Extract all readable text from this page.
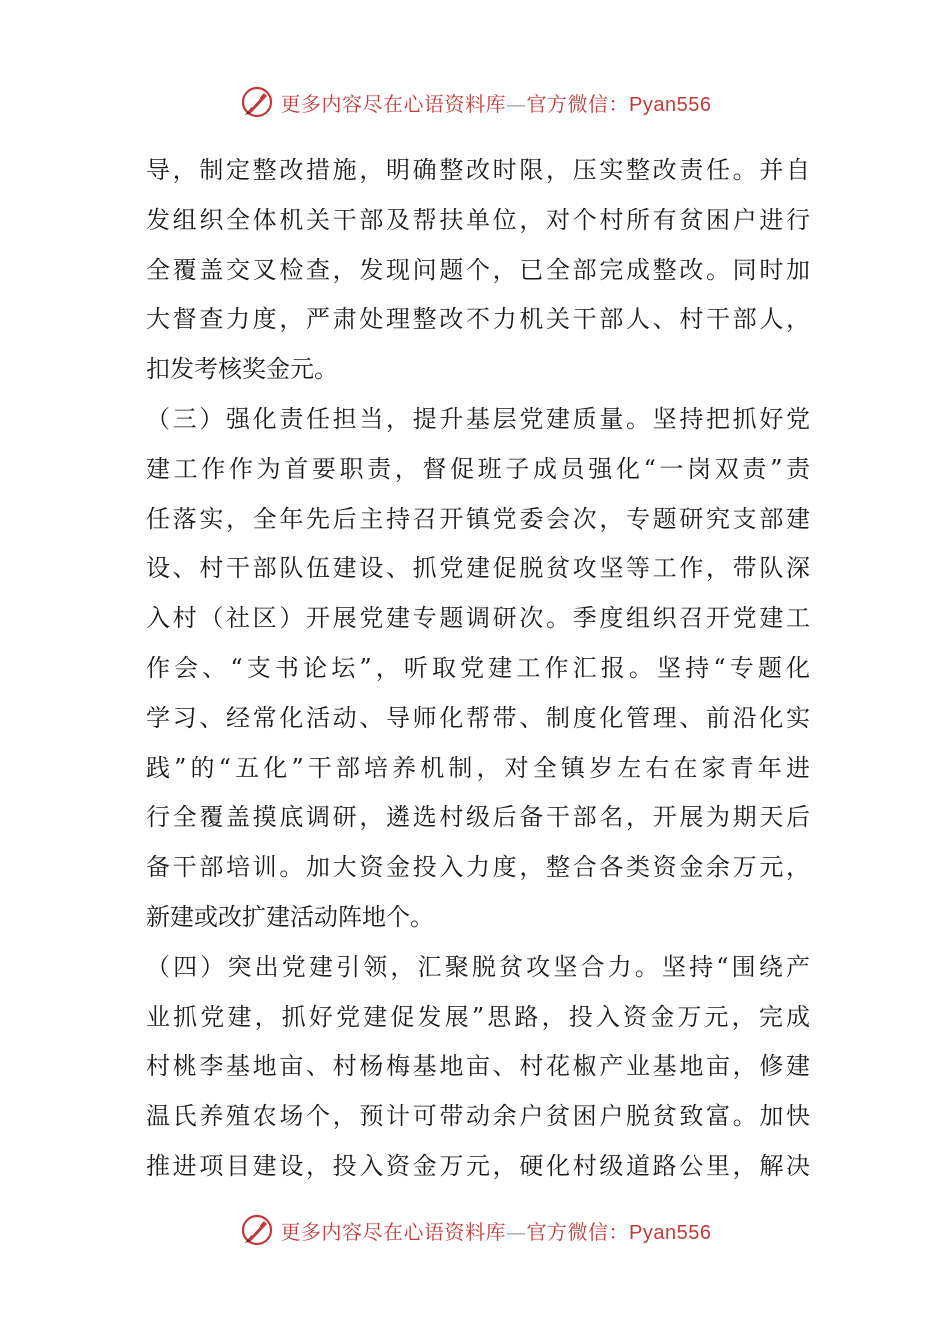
更多内容尽在心语资料库—官方微信：Pyan556
导，制定整改措施，明确整改时限，压实整改责任。并自
发组织全体机关干部及帮扶单位，对个村所有贫困户进行
全覆盖交叉检查，发现问题个，已全部完成整改。同时加
大督查力度，严肃处理整改不力机关干部人、村干部人，
扣发考核奖金元。
（三）强化责任担当，提升基层党建质量。坚持把抓好党
建工作作为首要职责，督促班子成员强化“一岗双责”责
任落实，全年先后主持召开镇党委会次，专题研究支部建
设、村干部队伍建设、抓党建促脱贫攻坚等工作，带队深
入村（社区）开展党建专题调研次。季度组织召开党建工
作会、“支书论坛”，听取党建工作汇报。坚持“专题化
学习、经常化活动、导师化帮带、制度化管理、前沿化实
践”的“五化”干部培养机制，对全镇岁左右在家青年进
行全覆盖摸底调研，遴选村级后备干部名，开展为期天后
备干部培训。加大资金投入力度，整合各类资金余万元，
新建或改扩建活动阵地个。
（四）突出党建引领，汇聚脱贫攻坚合力。坚持“围绕产
业抓党建，抓好党建促发展”思路，投入资金万元，完成
村桃李基地亩、村杨梅基地亩、村花椒产业基地亩，修建
温氏养殖农场个，预计可带动余户贫困户脱贫致富。加快
推进项目建设，投入资金万元，硬化村级道路公里，解决
更多内容尽在心语资料库—官方微信：Pyan556
